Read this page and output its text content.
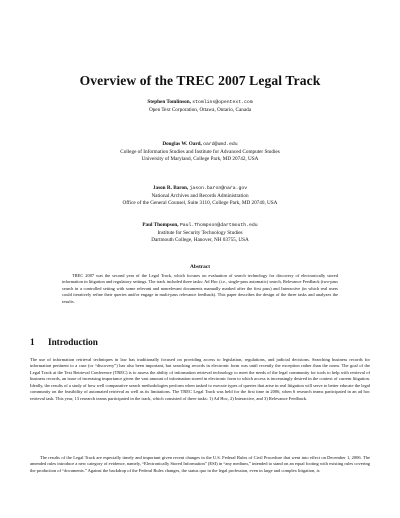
Overview of the TREC 2007 Legal Track
Stephen Tomlinson, stomlins@opentext.com
Open Text Corporation, Ottawa, Ontario, Canada
Douglas W. Oard, oard@umd.edu
College of Information Studies and Institute for Advanced Computer Studies
University of Maryland, College Park, MD 20742, USA
Jason R. Baron, jason.baron@nara.gov
National Archives and Records Administration
Office of the General Counsel, Suite 3110, College Park, MD 20740, USA
Paul Thompson, Paul.Thompson@dartmouth.edu
Institute for Security Technology Studies
Dartmouth College, Hanover, NH 03755, USA
Abstract
TREC 2007 was the second year of the Legal Track, which focuses on evaluation of search technology for discovery of electronically stored information in litigation and regulatory settings. The track included three tasks: Ad Hoc (i.e., single-pass automatic) search, Relevance Feedback (two-pass search in a controlled setting with some relevant and nonrelevant documents manually marked after the first pass) and Interactive (in which real users could iteratively refine their queries and/or engage in multi-pass relevance feedback). This paper describes the design of the three tasks and analyzes the results.
1 Introduction
The use of information retrieval techniques in law has traditionally focused on providing access to legislation, regulations, and judicial decisions. Searching business records for information pertinent to a case (or “discovery”) has also been important, but searching records in electronic form was until recently the exception rather than the norm. The goal of the Legal Track at the Text Retrieval Conference (TREC) is to assess the ability of information retrieval technology to meet the needs of the legal community for tools to help with retrieval of business records, an issue of increasing importance given the vast amount of information stored in electronic form to which access is increasingly desired in the context of current litigation. Ideally, the results of a study of how well comparative search methodologies perform when tasked to execute types of queries that arise in real litigation will serve to better educate the legal community on the feasibility of automated retrieval as well as its limitations. The TREC Legal Track was held for the first time in 2006, when 6 research teams participated in an ad hoc retrieval task. This year, 13 research teams participated in the track, which consisted of three tasks: 1) Ad Hoc, 2) Interactive, and 3) Relevance Feedback.
The results of the Legal Track are especially timely and important given recent changes in the U.S. Federal Rules of Civil Procedure that went into effect on December 1, 2006. The amended rules introduce a new category of evidence, namely, “Electronically Stored Information” (ESI) in “any medium,” intended to stand on an equal footing with existing rules covering the production of “documents.” Against the backdrop of the Federal Rules changes, the status quo in the legal profession, even in large and complex litigation, is
